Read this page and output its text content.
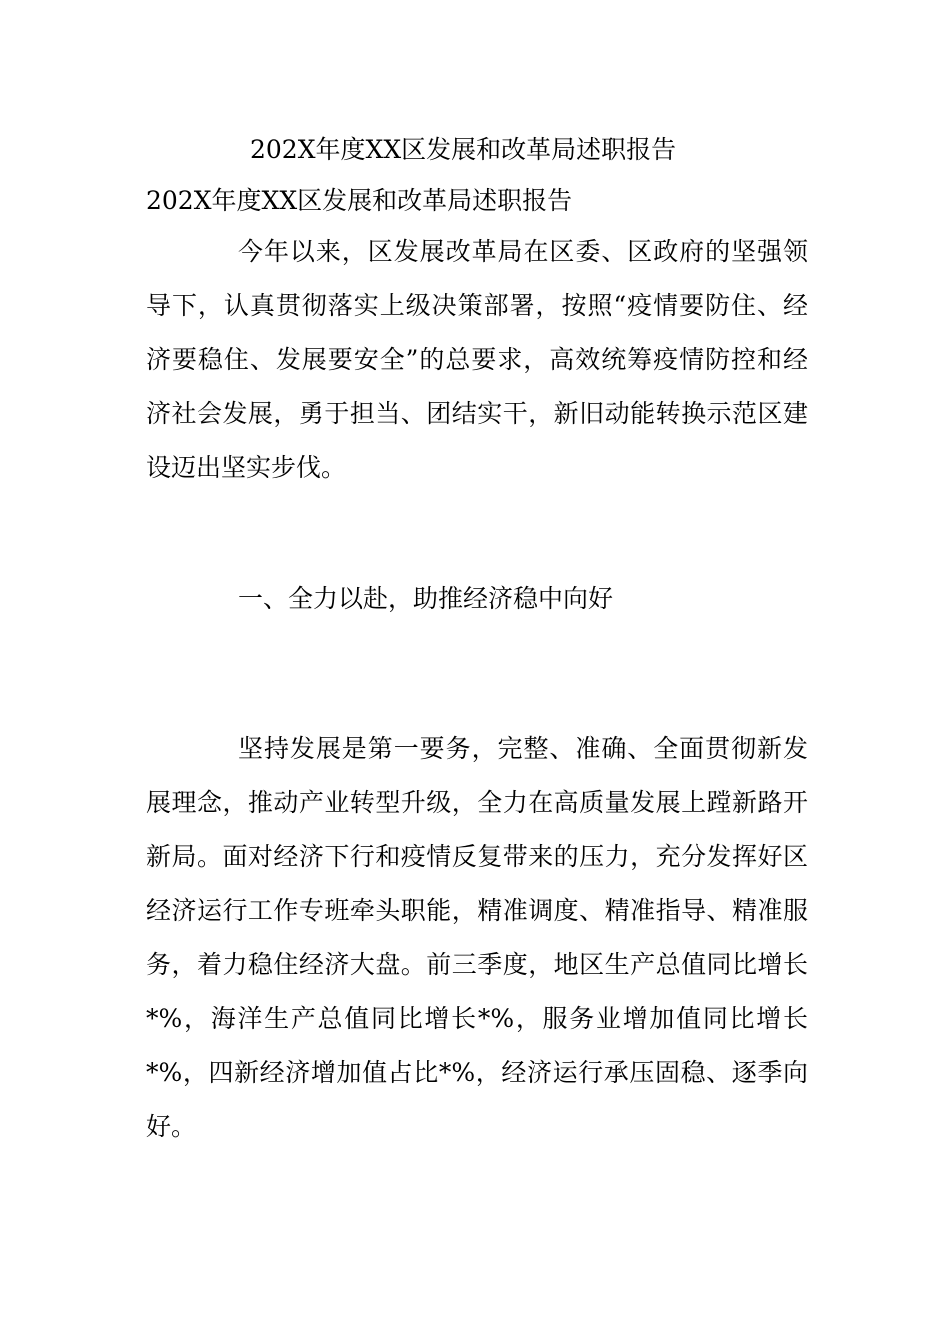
202X年度XX区发展和改革局述职报告
202X年度XX区发展和改革局述职报告

今年以来，区发展改革局在区委、区政府的坚强领导下，认真贯彻落实上级决策部署，按照“疫情要防住、经济要稳住、发展要安全”的总要求，高效统筹疫情防控和经济社会发展，勇于担当、团结实干，新旧动能转换示范区建设迈出坚实步伐。

一、全力以赴，助推经济稳中向好

坚持发展是第一要务，完整、准确、全面贯彻新发展理念，推动产业转型升级，全力在高质量发展上蹚新路开新局。面对经济下行和疫情反复带来的压力，充分发挥好区经济运行工作专班牵头职能，精准调度、精准指导、精准服务，着力稳住经济大盘。前三季度，地区生产总值同比增长*%，海洋生产总值同比增长*%，服务业增加值同比增长*%，四新经济增加值占比*%，经济运行承压固稳、逐季向好。
